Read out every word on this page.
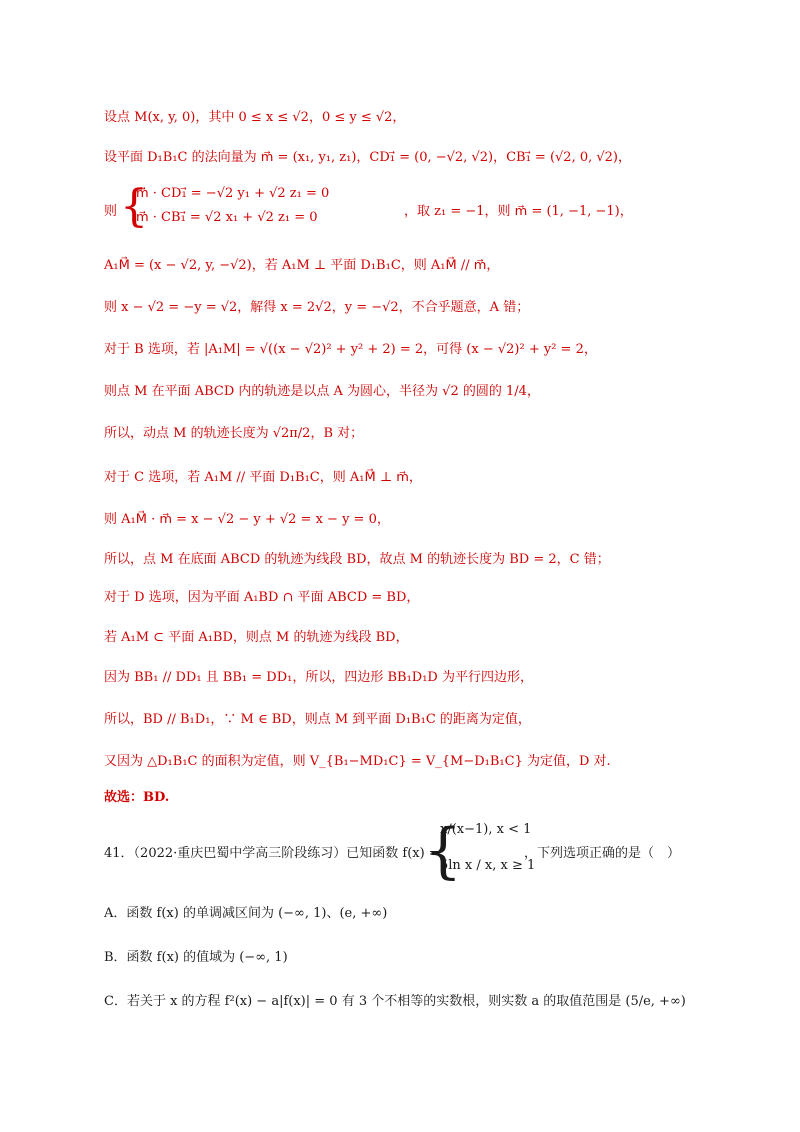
设点 M(x, y, 0)，其中 0 ≤ x ≤ √2，0 ≤ y ≤ √2，
设平面 D₁B₁C 的法向量为 m⃗ = (x₁, y₁, z₁)，CD₁⃗ = (0, −√2, √2)，CB₁⃗ = (√2, 0, √2)，
则 {
m⃗ · CD₁⃗ = −√2 y₁ + √2 z₁ = 0
m⃗ · CB₁⃗ = √2 x₁ + √2 z₁ = 0	，取 z₁ = −1，则 m⃗ = (1, −1, −1)，
A₁M⃗ = (x − √2, y, −√2)，若 A₁M ⊥ 平面 D₁B₁C，则 A₁M⃗ // m⃗，
则 x − √2 = −y = √2，解得 x = 2√2，y = −√2，不合乎题意，A 错；
对于 B 选项，若 |A₁M| = √((x − √2)² + y² + 2) = 2，可得 (x − √2)² + y² = 2，
则点 M 在平面 ABCD 内的轨迹是以点 A 为圆心，半径为 √2 的圆的 1/4，
所以，动点 M 的轨迹长度为 √2π/2，B 对；
对于 C 选项，若 A₁M // 平面 D₁B₁C，则 A₁M⃗ ⊥ m⃗，
则 A₁M⃗ · m⃗ = x − √2 − y + √2 = x − y = 0，
所以，点 M 在底面 ABCD 的轨迹为线段 BD，故点 M 的轨迹长度为 BD = 2，C 错；
对于 D 选项，因为平面 A₁BD ∩ 平面 ABCD = BD，
若 A₁M ⊂ 平面 A₁BD，则点 M 的轨迹为线段 BD，
因为 BB₁ // DD₁ 且 BB₁ = DD₁，所以，四边形 BB₁D₁D 为平行四边形，
所以，BD // B₁D₁，∵ M ∈ BD，则点 M 到平面 D₁B₁C 的距离为定值，
又因为 △D₁B₁C 的面积为定值，则 V_{B₁−MD₁C} = V_{M−D₁B₁C} 为定值，D 对.
故选：BD.
41．（2022·重庆巴蜀中学高三阶段练习）已知函数 f(x) =
{
x/(x−1), x < 1
5ln x / x, x ≥ 1
，下列选项正确的是（　）
A．函数 f(x) 的单调减区间为 (−∞, 1)、(e, +∞)
B．函数 f(x) 的值域为 (−∞, 1)
C．若关于 x 的方程 f²(x) − a|f(x)| = 0 有 3 个不相等的实数根，则实数 a 的取值范围是 (5/e, +∞)
